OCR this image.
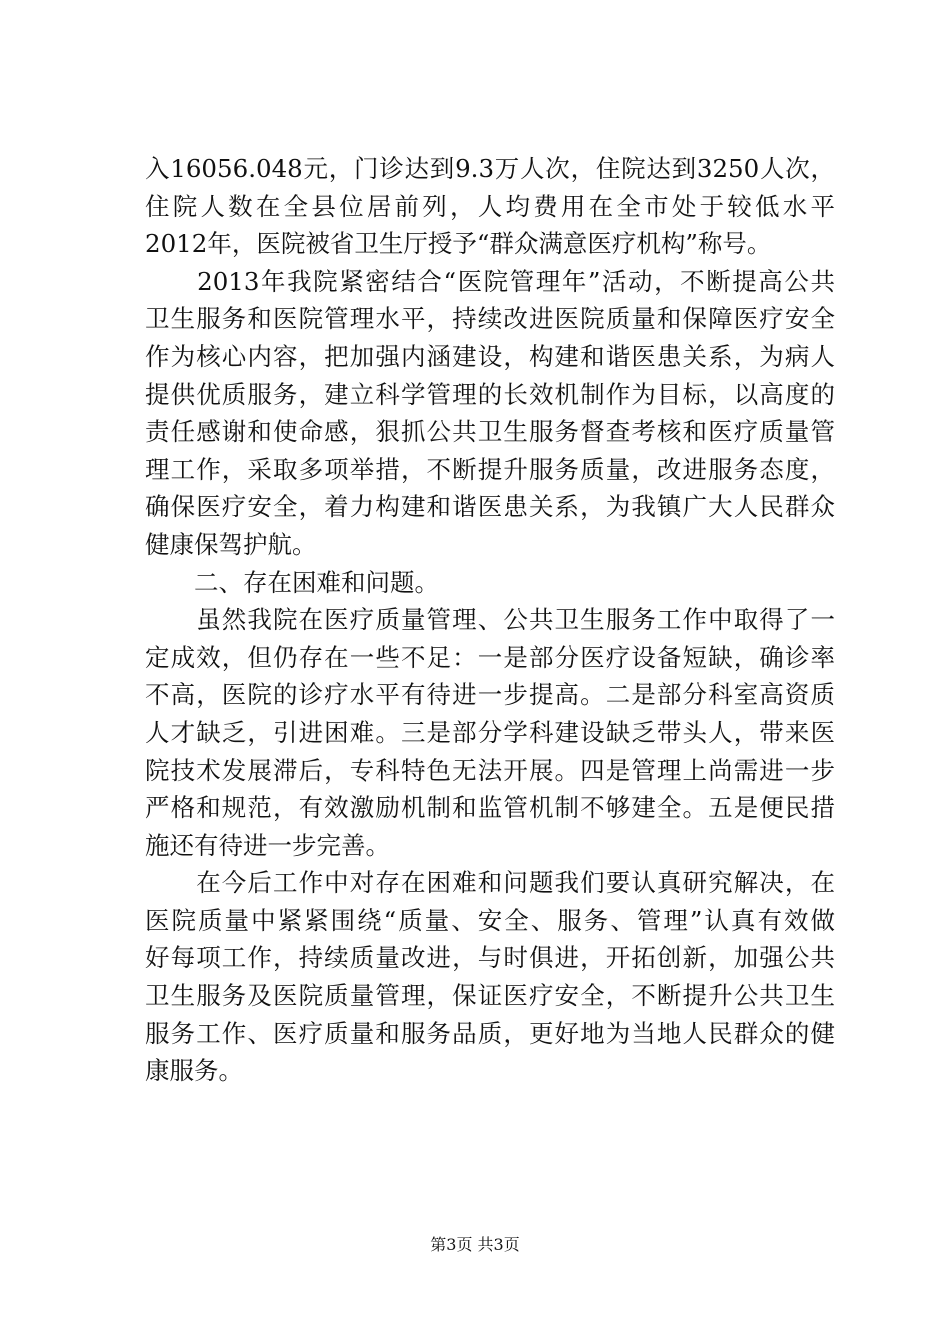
入16056.048元，门诊达到9.3万人次，住院达到3250人次，
住院人数在全县位居前列，人均费用在全市处于较低水平
2012年，医院被省卫生厅授予“群众满意医疗机构”称号。
　　2013年我院紧密结合“医院管理年”活动，不断提高公共
卫生服务和医院管理水平，持续改进医院质量和保障医疗安全
作为核心内容，把加强内涵建设，构建和谐医患关系，为病人
提供优质服务，建立科学管理的长效机制作为目标，以高度的
责任感谢和使命感，狠抓公共卫生服务督查考核和医疗质量管
理工作，采取多项举措，不断提升服务质量，改进服务态度，
确保医疗安全，着力构建和谐医患关系，为我镇广大人民群众
健康保驾护航。
　　二、存在困难和问题。
　　虽然我院在医疗质量管理、公共卫生服务工作中取得了一
定成效，但仍存在一些不足：一是部分医疗设备短缺，确诊率
不高，医院的诊疗水平有待进一步提高。二是部分科室高资质
人才缺乏，引进困难。三是部分学科建设缺乏带头人，带来医
院技术发展滞后，专科特色无法开展。四是管理上尚需进一步
严格和规范，有效激励机制和监管机制不够建全。五是便民措
施还有待进一步完善。
　　在今后工作中对存在困难和问题我们要认真研究解决，在
医院质量中紧紧围绕“质量、安全、服务、管理”认真有效做
好每项工作，持续质量改进，与时俱进，开拓创新，加强公共
卫生服务及医院质量管理，保证医疗安全，不断提升公共卫生
服务工作、医疗质量和服务品质，更好地为当地人民群众的健
康服务。
第3页 共3页
